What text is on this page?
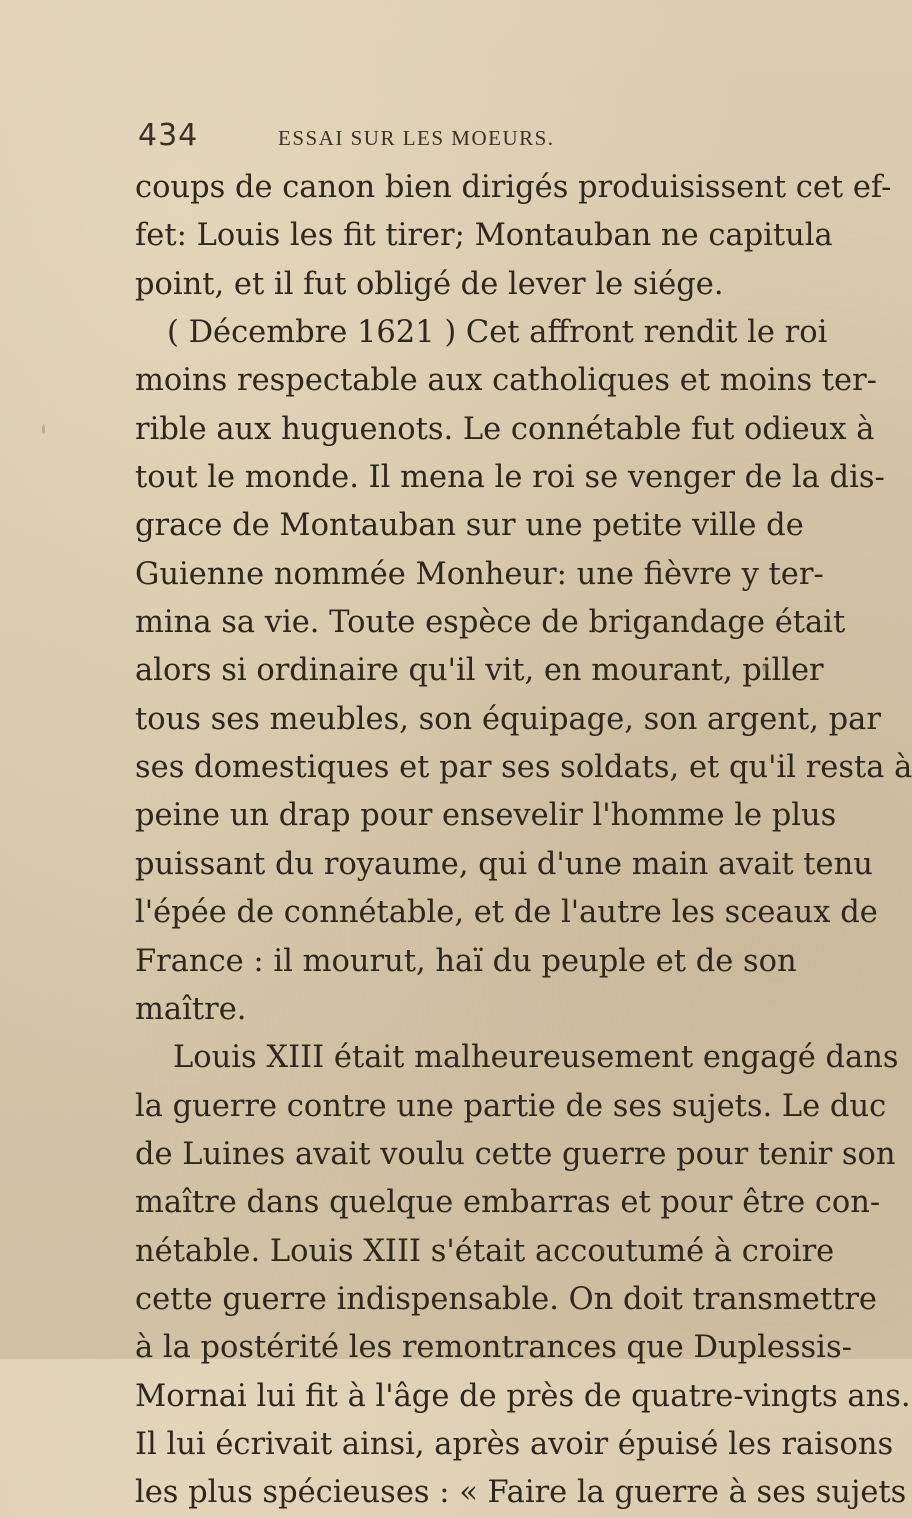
434	ESSAI SUR LES MOEURS.
coups de canon bien dirigés produisissent cet ef-
fet: Louis les fit tirer; Montauban ne capitula
point, et il fut obligé de lever le siége.
( Décembre 1621 ) Cet affront rendit le roi
moins respectable aux catholiques et moins ter-
rible aux huguenots. Le connétable fut odieux à
tout le monde. Il mena le roi se venger de la dis-
grace de Montauban sur une petite ville de
Guienne nommée Monheur: une fièvre y ter-
mina sa vie. Toute espèce de brigandage était
alors si ordinaire qu'il vit, en mourant, piller
tous ses meubles, son équipage, son argent, par
ses domestiques et par ses soldats, et qu'il resta à
peine un drap pour ensevelir l'homme le plus
puissant du royaume, qui d'une main avait tenu
l'épée de connétable, et de l'autre les sceaux de
France : il mourut, haï du peuple et de son
maître.
Louis XIII était malheureusement engagé dans
la guerre contre une partie de ses sujets. Le duc
de Luines avait voulu cette guerre pour tenir son
maître dans quelque embarras et pour être con-
nétable. Louis XIII s'était accoutumé à croire
cette guerre indispensable. On doit transmettre
à la postérité les remontrances que Duplessis-
Mornai lui fit à l'âge de près de quatre-vingts ans.
Il lui écrivait ainsi, après avoir épuisé les raisons
les plus spécieuses : « Faire la guerre à ses sujets
